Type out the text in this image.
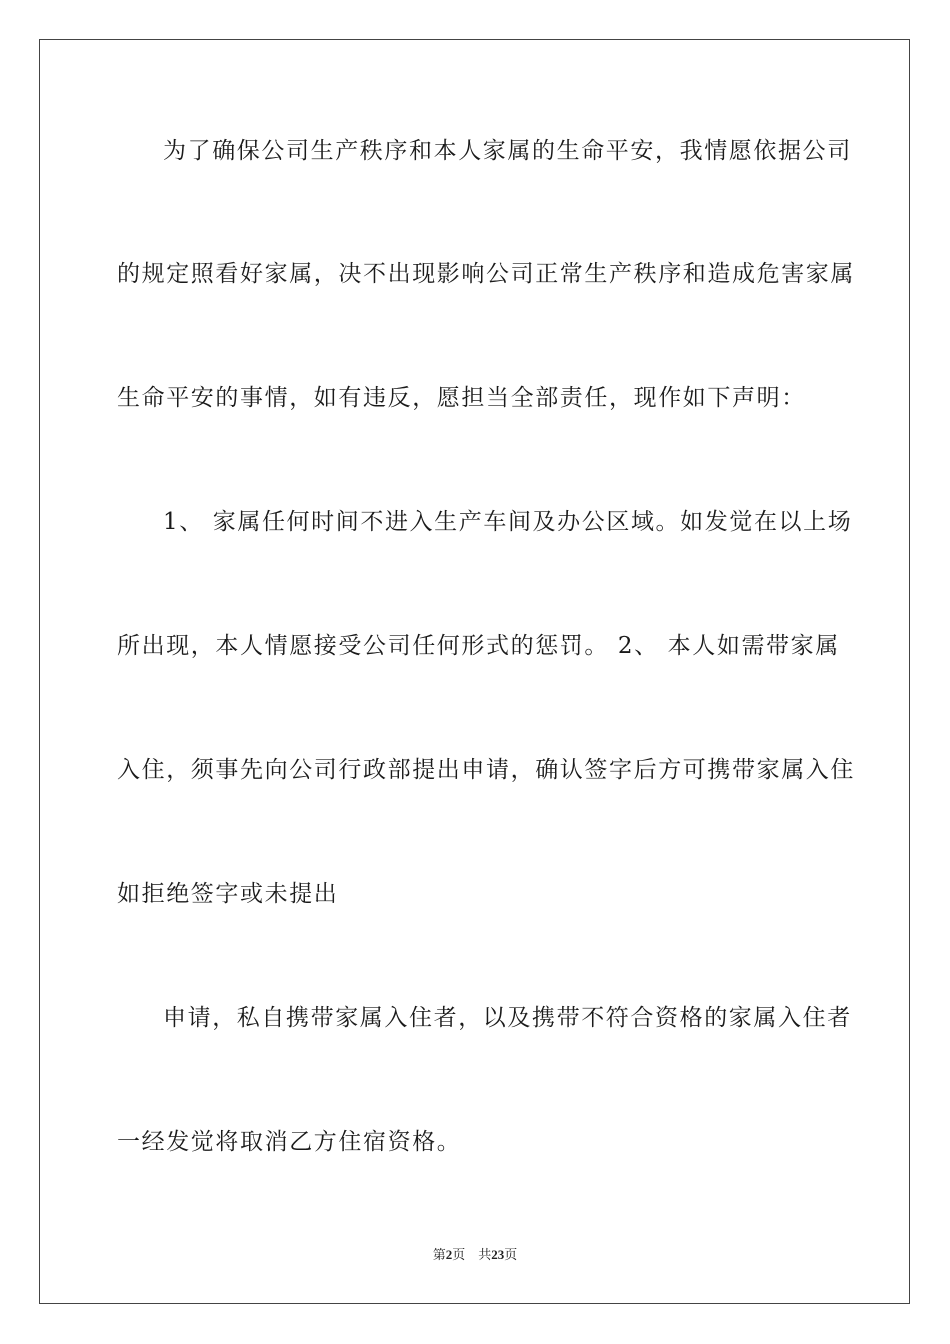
为了确保公司生产秩序和本人家属的生命平安，我情愿依据公司
的规定照看好家属，决不出现影响公司正常生产秩序和造成危害家属
生命平安的事情，如有违反，愿担当全部责任，现作如下声明：
1、 家属任何时间不进入生产车间及办公区域。如发觉在以上场
所出现，本人情愿接受公司任何形式的惩罚。 2、 本人如需带家属
入住，须事先向公司行政部提出申请，确认签字后方可携带家属入住
如拒绝签字或未提出
申请，私自携带家属入住者，以及携带不符合资格的家属入住者
一经发觉将取消乙方住宿资格。
第2页 共23页
